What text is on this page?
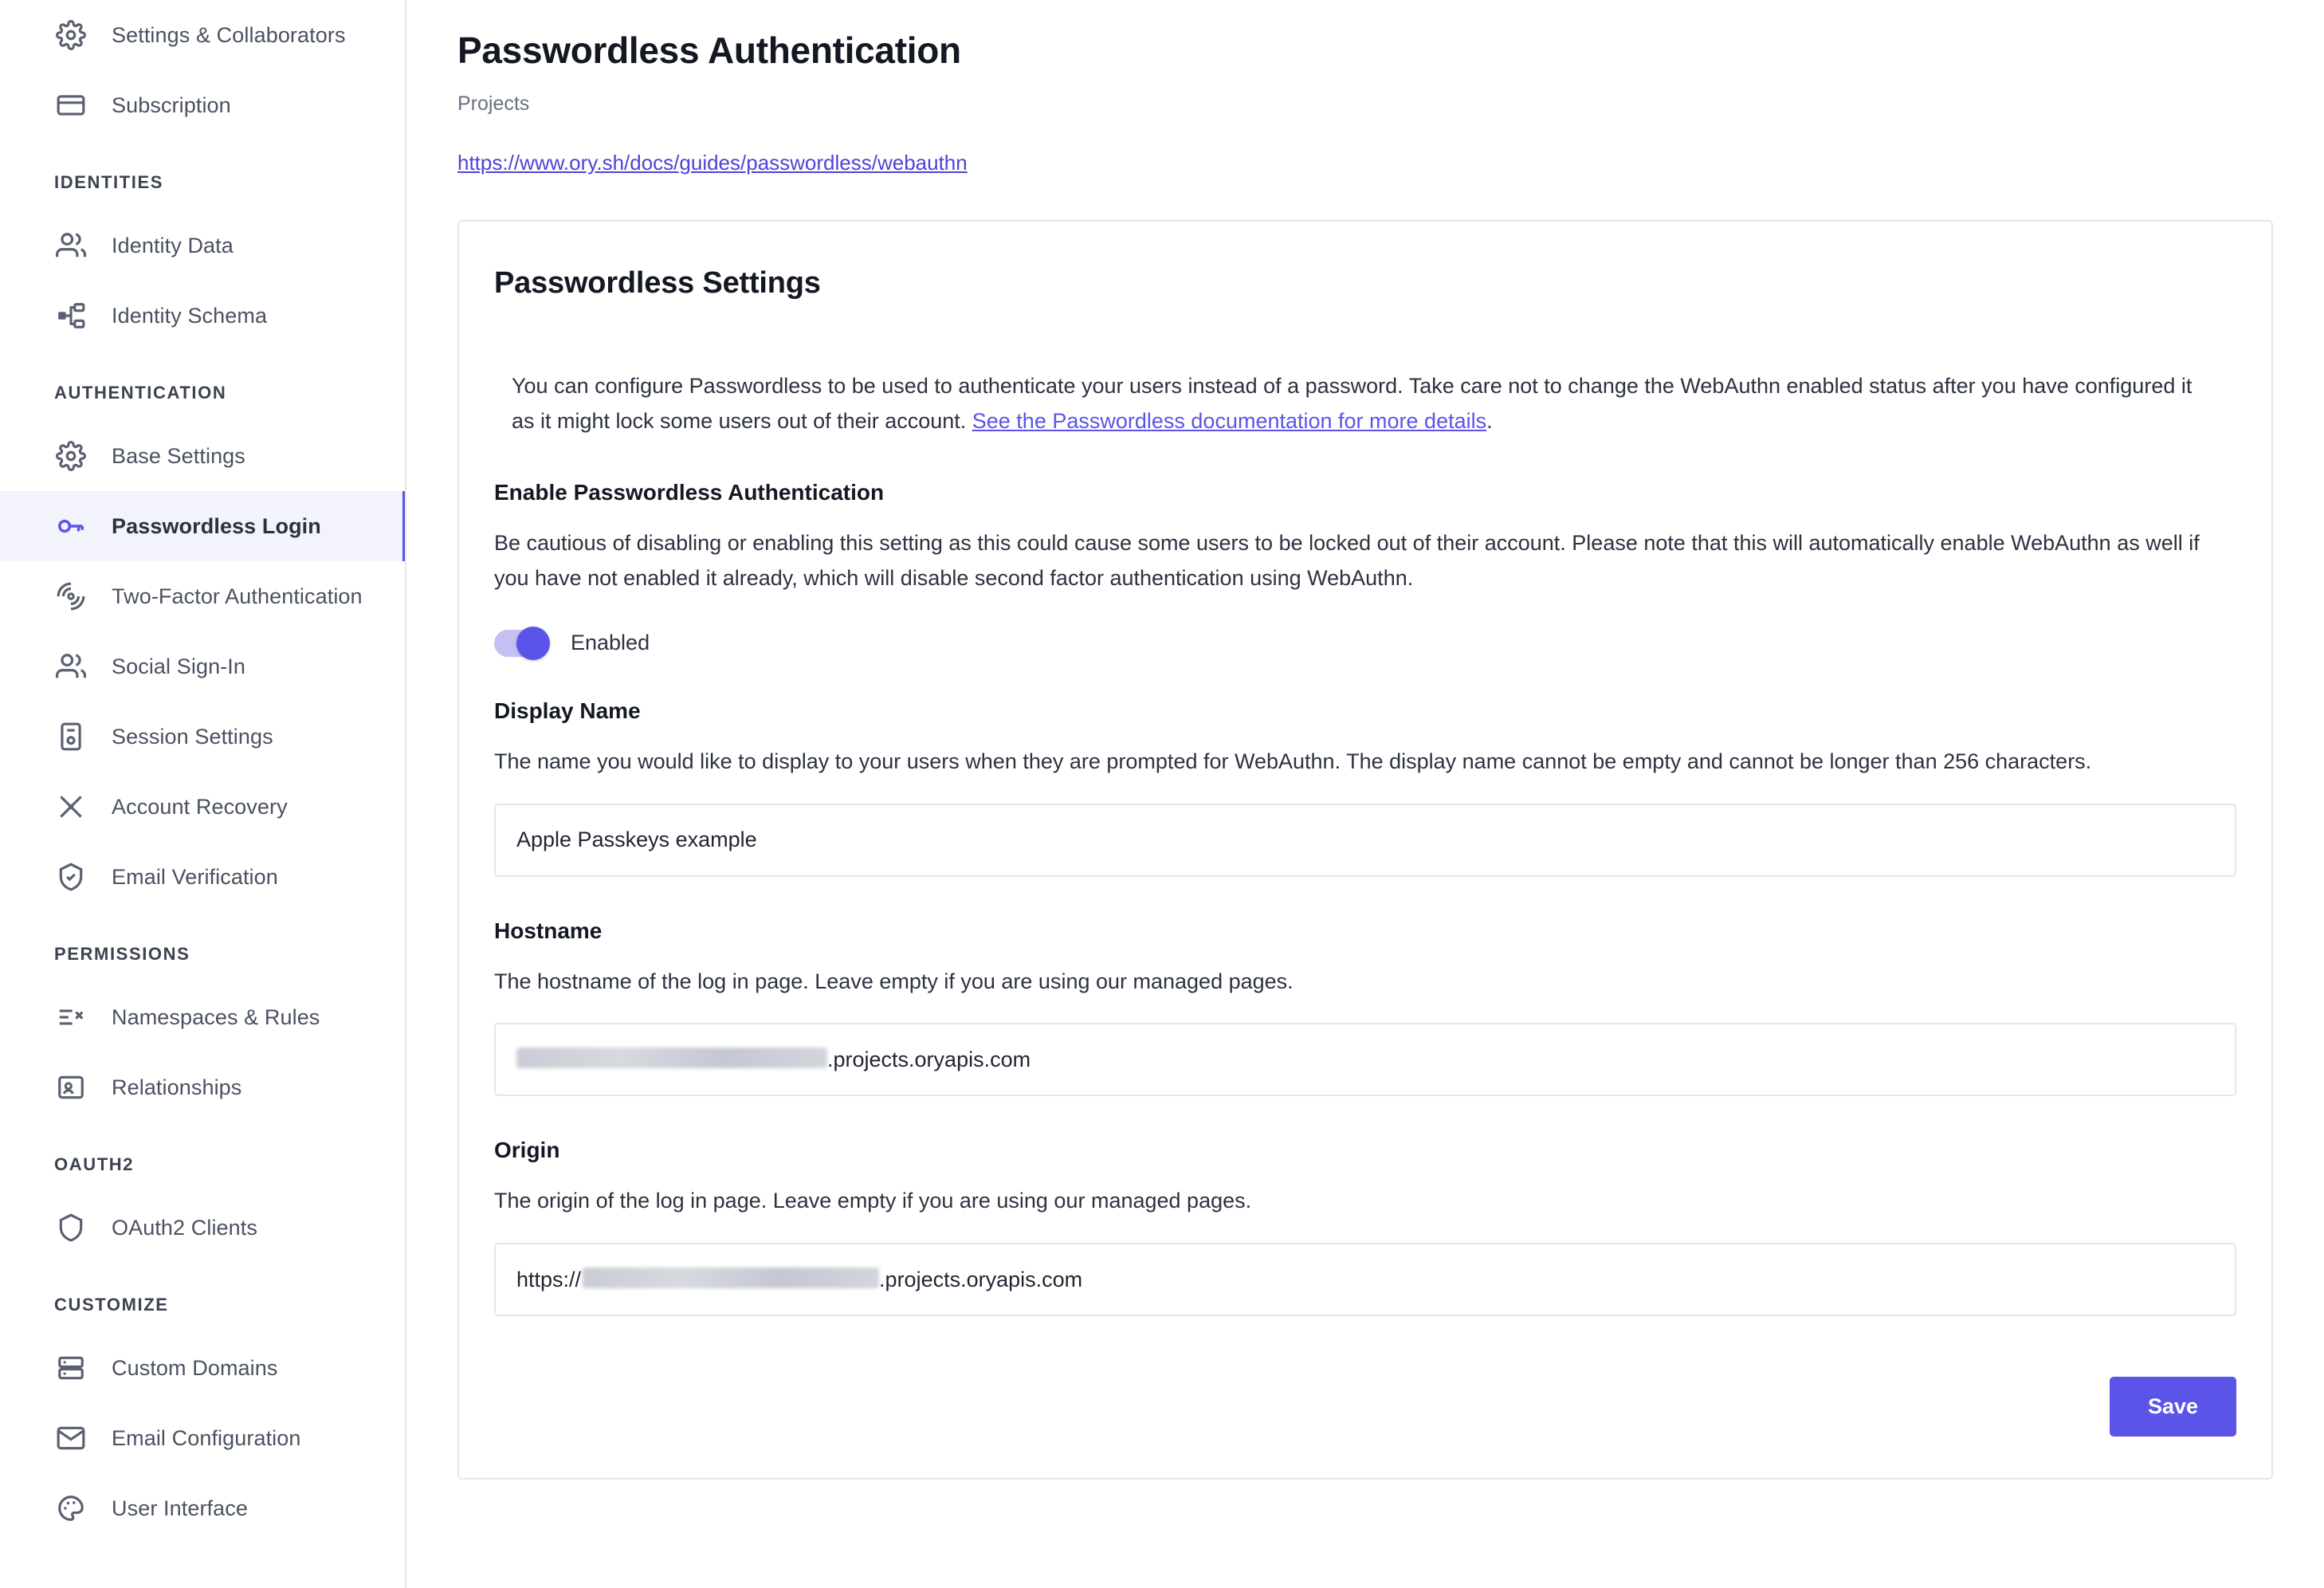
Settings & Collaborators
Subscription
IDENTITIES
Identity Data
Identity Schema
AUTHENTICATION
Base Settings
Passwordless Login
Two-Factor Authentication
Social Sign-In
Session Settings
Account Recovery
Email Verification
PERMISSIONS
Namespaces & Rules
Relationships
OAUTH2
OAuth2 Clients
CUSTOMIZE
Custom Domains
Email Configuration
User Interface
Passwordless Authentication
Projects
https://www.ory.sh/docs/guides/passwordless/webauthn
Passwordless Settings

You can configure Passwordless to be used to authenticate your users instead of a password. Take care not to change the WebAuthn enabled status after you have configured it as it might lock some users out of their account. See the Passwordless documentation for more details.

Enable Passwordless Authentication
Be cautious of disabling or enabling this setting as this could cause some users to be locked out of their account. Please note that this will automatically enable WebAuthn as well if you have not enabled it already, which will disable second factor authentication using WebAuthn.
Enabled
Display Name
The name you would like to display to your users when they are prompted for WebAuthn. The display name cannot be empty and cannot be longer than 256 characters.
Apple Passkeys example
Hostname
The hostname of the log in page. Leave empty if you are using our managed pages.
.projects.oryapis.com
Origin
The origin of the log in page. Leave empty if you are using our managed pages.
https://	.projects.oryapis.com
Save
